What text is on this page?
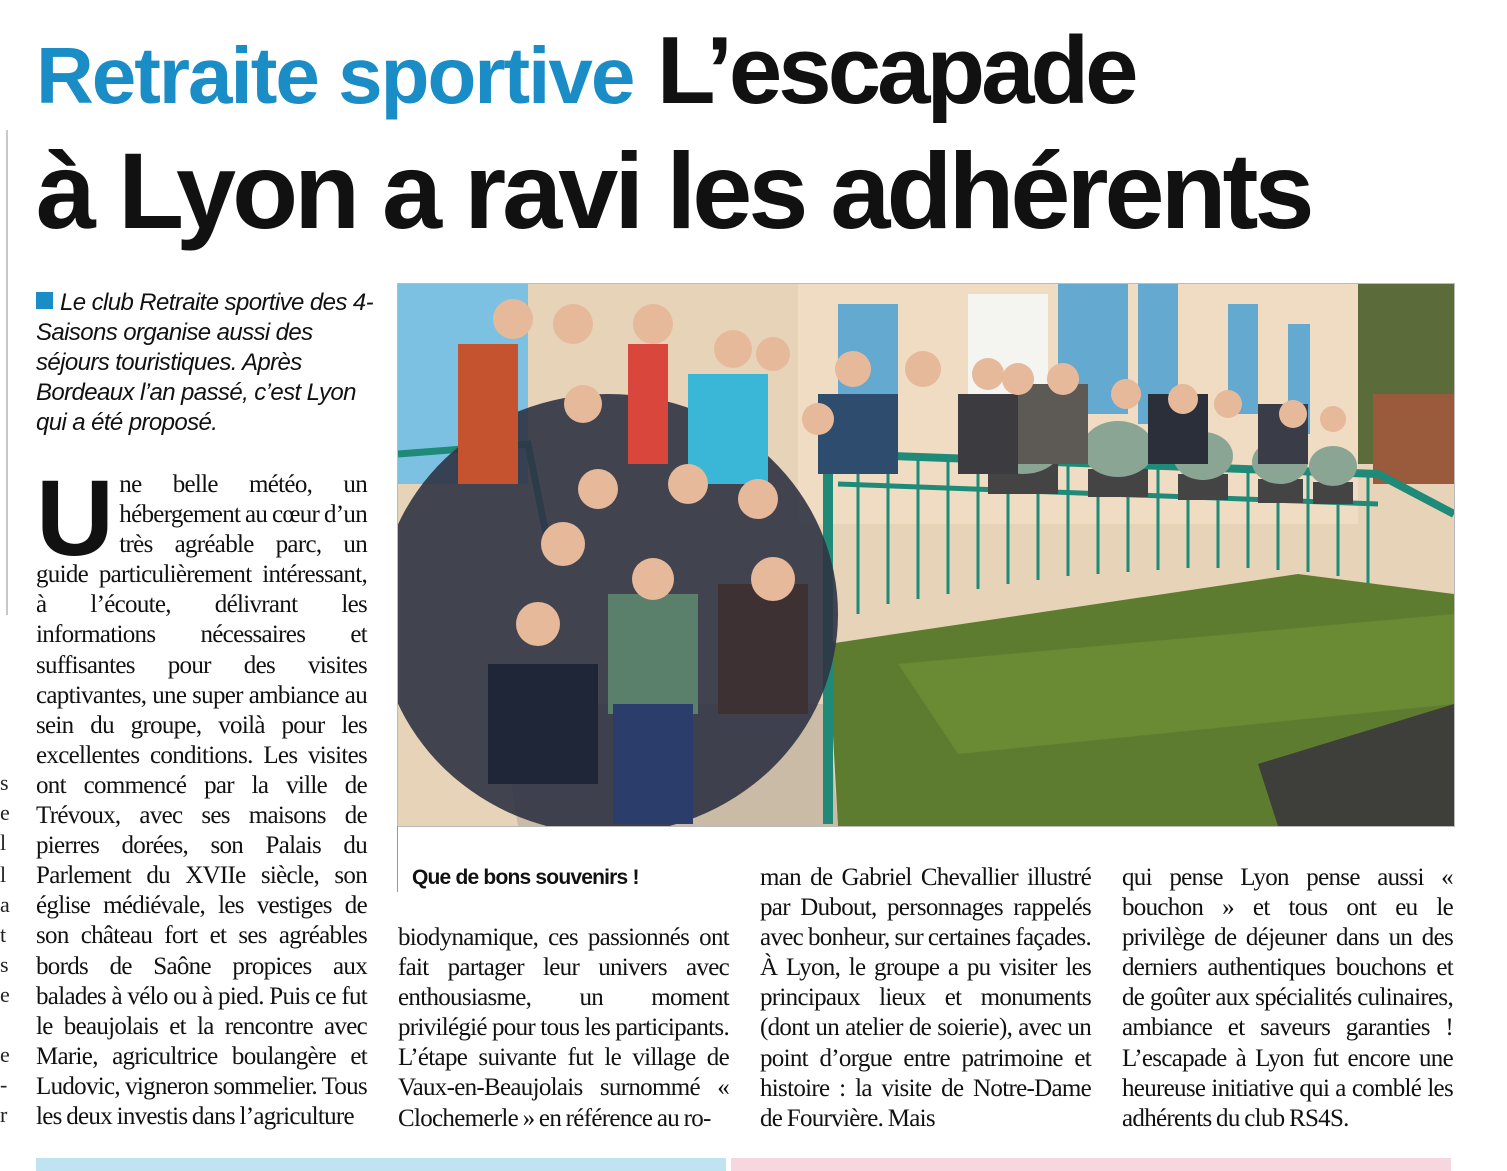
s
e
l
l
a
t
s
e
e
-
r
Retraite sportive L’escapade
à Lyon a ravi les adhérents
Le club Retraite sportive des 4-Saisons organise aussi des séjours touristiques. Après Bordeaux l’an passé, c’est Lyon qui a été proposé.
Une belle météo, un hébergement au cœur d’un très agréable parc, un guide particulièrement intéressant, à l’écoute, délivrant les informations nécessaires et suffisantes pour des visites captivantes, une super ambiance au sein du groupe, voilà pour les excellentes conditions. Les visites ont commencé par la ville de Trévoux, avec ses maisons de pierres dorées, son Palais du Parlement du XVIIe siècle, son église médiévale, les vestiges de son château fort et ses agréables bords de Saône propices aux balades à vélo ou à pied. Puis ce fut le beaujolais et la rencontre avec Marie, agricultrice boulangère et Ludovic, vigneron sommelier. Tous les deux investis dans l’agriculture
Que de bons souvenirs !
biodynamique, ces passionnés ont fait partager leur univers avec enthousiasme, un moment privilégié pour tous les participants. L’étape suivante fut le village de Vaux-en-Beaujolais surnommé « Clochemerle » en référence au ro-
man de Gabriel Chevallier illustré par Dubout, personnages rappelés avec bonheur, sur certaines façades. À Lyon, le groupe a pu visiter les principaux lieux et monuments (dont un atelier de soierie), avec un point d’orgue entre patrimoine et histoire : la visite de Notre-Dame de Fourvière. Mais
qui pense Lyon pense aussi « bouchon » et tous ont eu le privilège de déjeuner dans un des derniers authentiques bouchons et de goûter aux spécialités culinaires, ambiance et saveurs garanties ! L’escapade à Lyon fut encore une heureuse initiative qui a comblé les adhérents du club RS4S.
